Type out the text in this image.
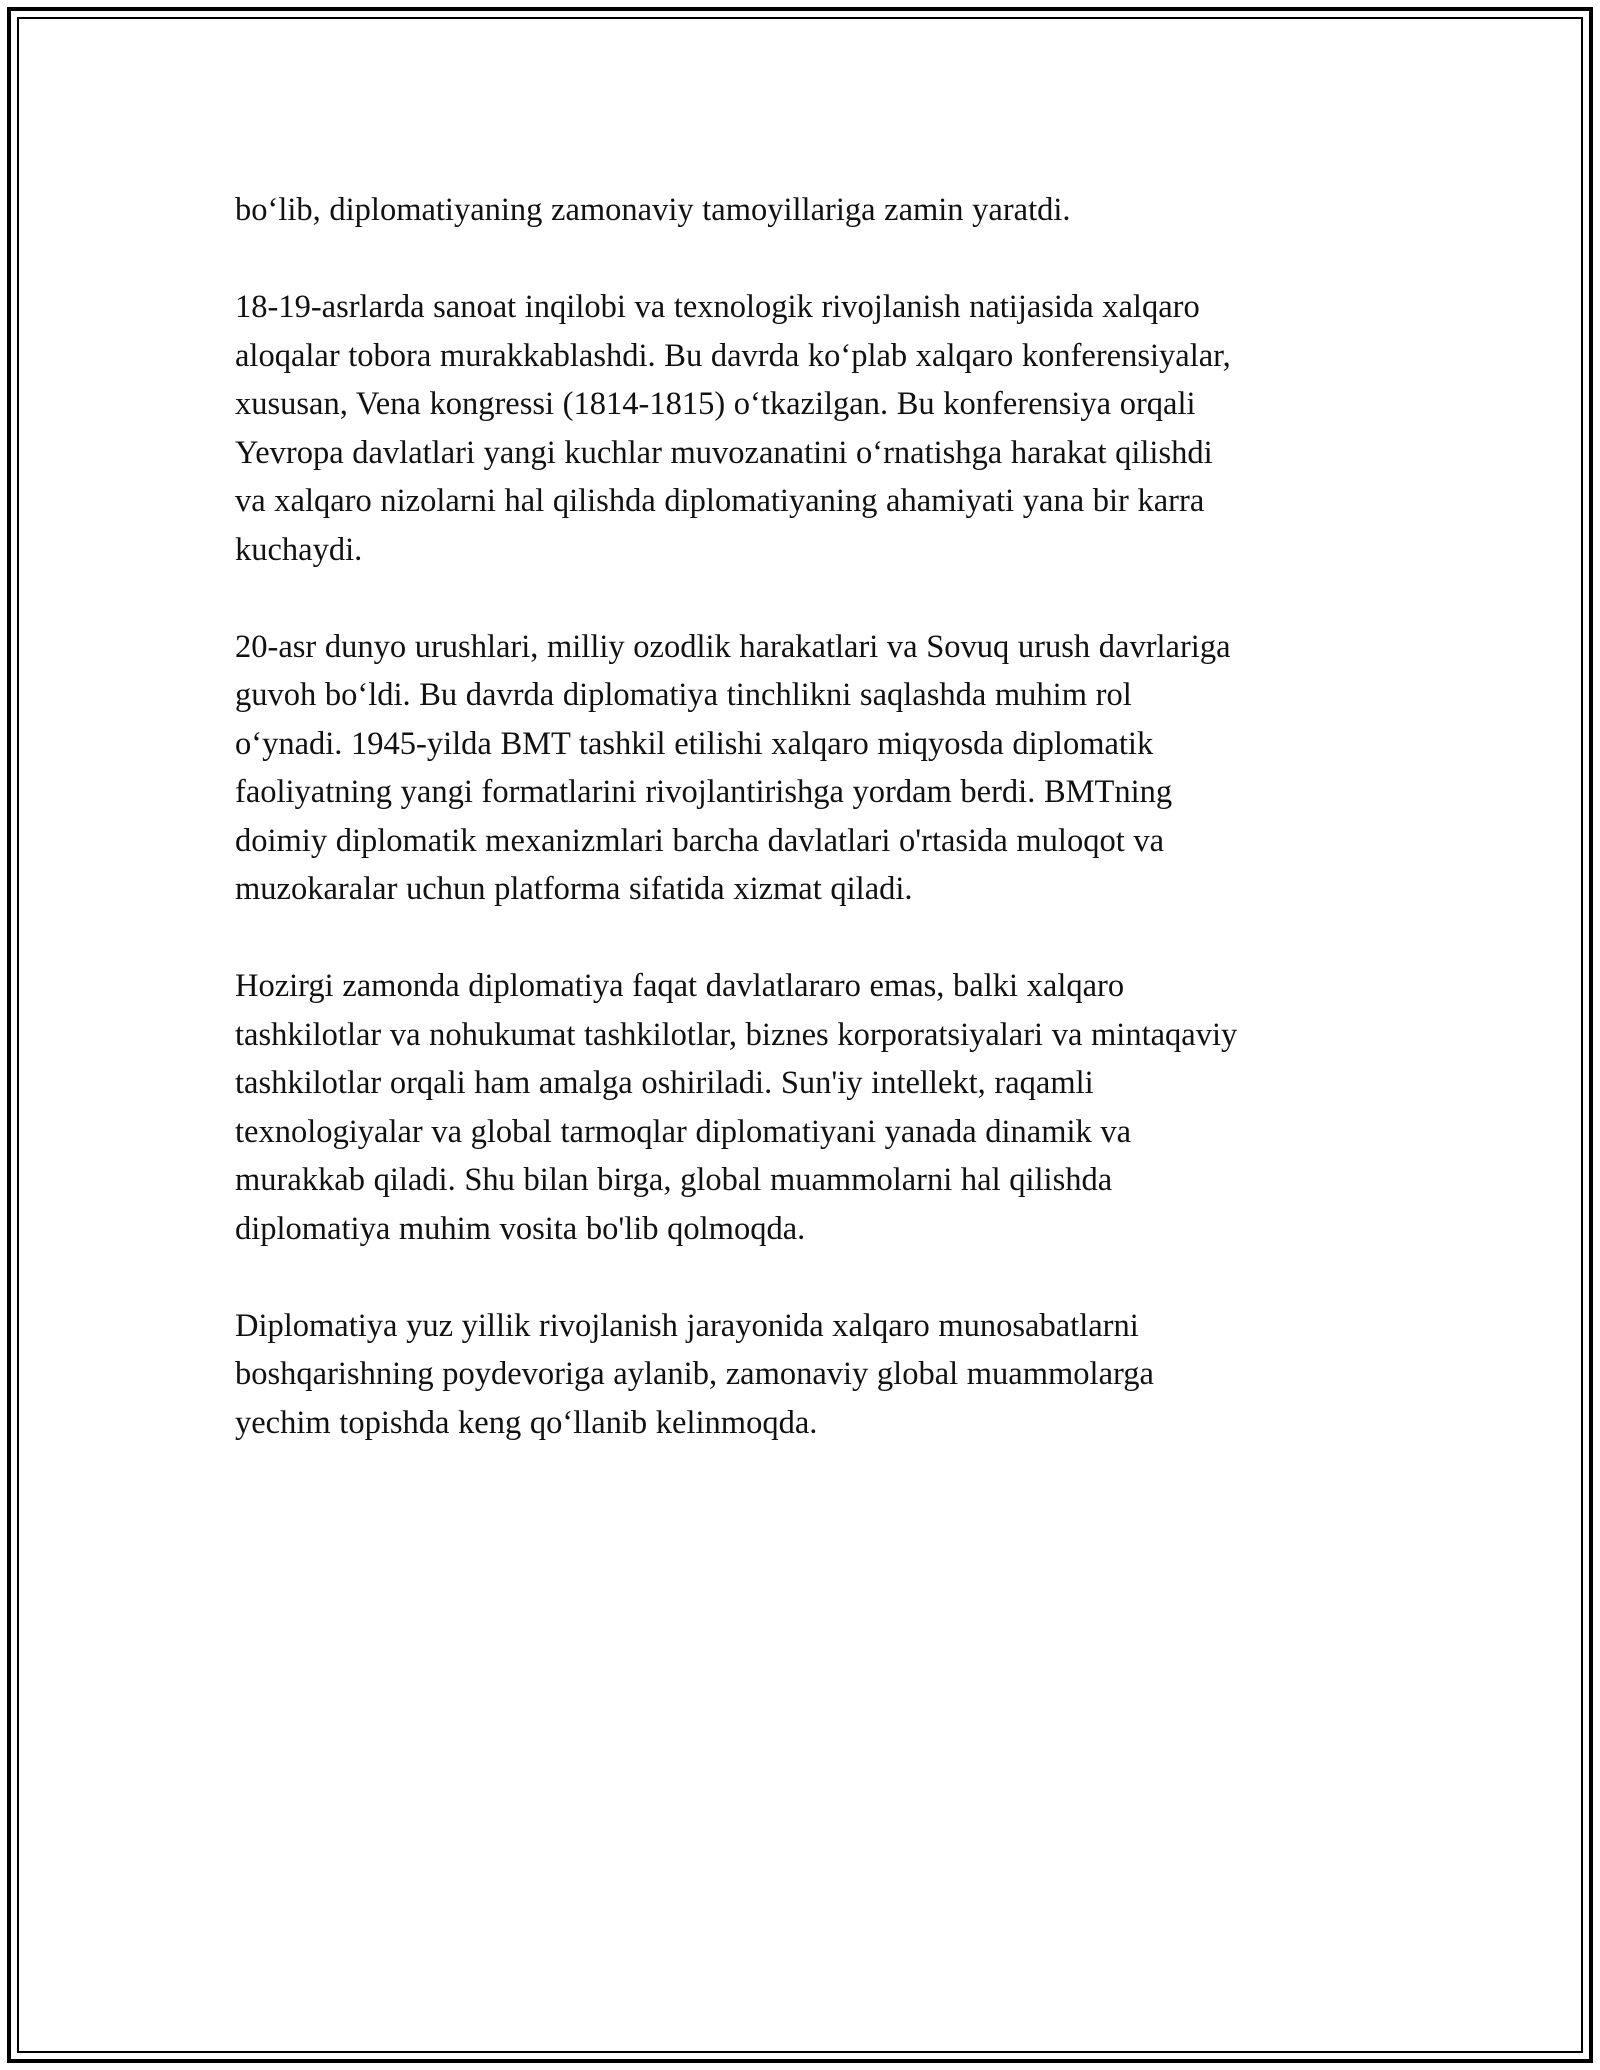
bo‘lib, diplomatiyaning zamonaviy tamoyillariga zamin yaratdi.

18-19-asrlarda sanoat inqilobi va texnologik rivojlanish natijasida xalqaro
aloqalar tobora murakkablashdi. Bu davrda ko‘plab xalqaro konferensiyalar,
xususan, Vena kongressi (1814-1815) o‘tkazilgan. Bu konferensiya orqali
Yevropa davlatlari yangi kuchlar muvozanatini o‘rnatishga harakat qilishdi
va xalqaro nizolarni hal qilishda diplomatiyaning ahamiyati yana bir karra
kuchaydi.

20-asr dunyo urushlari, milliy ozodlik harakatlari va Sovuq urush davrlariga
guvoh bo‘ldi. Bu davrda diplomatiya tinchlikni saqlashda muhim rol
o‘ynadi. 1945-yilda BMT tashkil etilishi xalqaro miqyosda diplomatik
faoliyatning yangi formatlarini rivojlantirishga yordam berdi. BMTning
doimiy diplomatik mexanizmlari barcha davlatlari o'rtasida muloqot va
muzokaralar uchun platforma sifatida xizmat qiladi.

Hozirgi zamonda diplomatiya faqat davlatlararo emas, balki xalqaro
tashkilotlar va nohukumat tashkilotlar, biznes korporatsiyalari va mintaqaviy
tashkilotlar orqali ham amalga oshiriladi. Sun'iy intellekt, raqamli
texnologiyalar va global tarmoqlar diplomatiyani yanada dinamik va
murakkab qiladi. Shu bilan birga, global muammolarni hal qilishda
diplomatiya muhim vosita bo'lib qolmoqda.

Diplomatiya yuz yillik rivojlanish jarayonida xalqaro munosabatlarni
boshqarishning poydevoriga aylanib, zamonaviy global muammolarga
yechim topishda keng qo‘llanib kelinmoqda.
